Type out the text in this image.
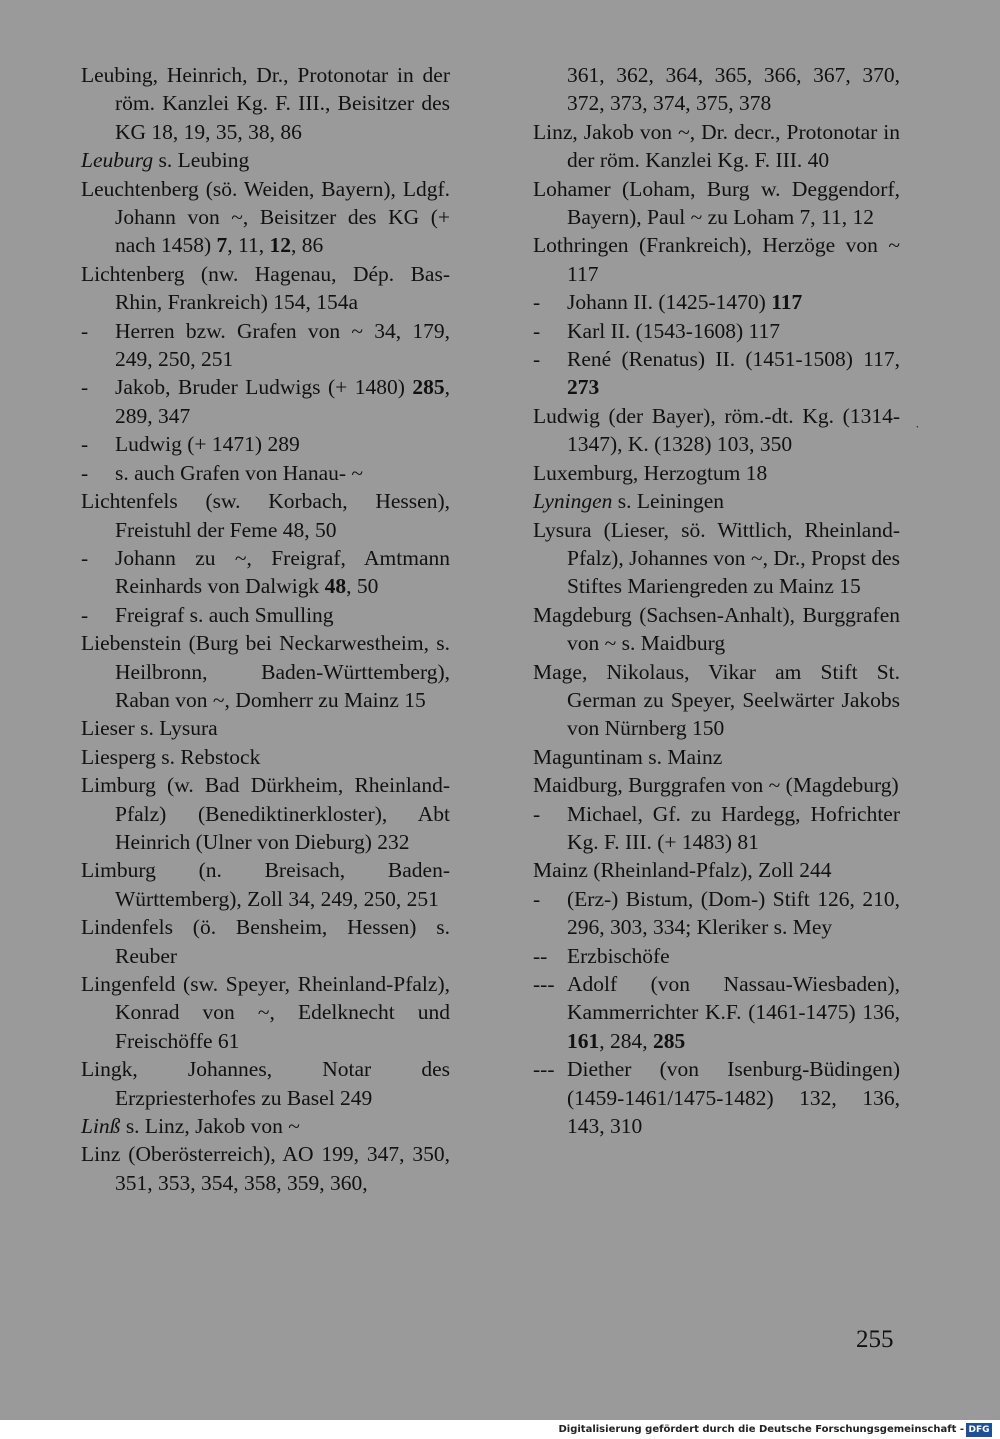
Leubing, Heinrich, Dr., Protonotar in der röm. Kanzlei Kg. F. III., Beisitzer des KG 18, 19, 35, 38, 86

Leuburg s. Leubing

Leuchtenberg (sö. Weiden, Bayern), Ldgf. Johann von ~, Beisitzer des KG (+ nach 1458) 7, 11, 12, 86

Lichtenberg (nw. Hagenau, Dép. Bas-Rhin, Frankreich) 154, 154a

-	Herren bzw. Grafen von ~ 34, 179, 249, 250, 251

-	Jakob, Bruder Ludwigs (+ 1480) 285, 289, 347

-	Ludwig (+ 1471) 289

-	s. auch Grafen von Hanau- ~

Lichtenfels (sw. Korbach, Hessen), Freistuhl der Feme 48, 50

-	Johann zu ~, Freigraf, Amtmann Reinhards von Dalwigk 48, 50

-	Freigraf s. auch Smulling

Liebenstein (Burg bei Neckarwestheim, s. Heilbronn, Baden-Württemberg), Raban von ~, Domherr zu Mainz 15

Lieser s. Lysura

Liesperg s. Rebstock

Limburg (w. Bad Dürkheim, Rheinland-Pfalz) (Benediktinerkloster), Abt Heinrich (Ulner von Dieburg) 232

Limburg (n. Breisach, Baden-Württemberg), Zoll 34, 249, 250, 251

Lindenfels (ö. Bensheim, Hessen) s. Reuber

Lingenfeld (sw. Speyer, Rheinland-Pfalz), Konrad von ~, Edelknecht und Freischöffe 61

Lingk, Johannes, Notar des Erzpriesterhofes zu Basel 249

Linß s. Linz, Jakob von ~

Linz (Oberösterreich), AO 199, 347, 350, 351, 353, 354, 358, 359, 360,

361, 362, 364, 365, 366, 367, 370, 372, 373, 374, 375, 378

Linz, Jakob von ~, Dr. decr., Protonotar in der röm. Kanzlei Kg. F. III. 40

Lohamer (Loham, Burg w. Deggendorf, Bayern), Paul ~ zu Loham 7, 11, 12

Lothringen (Frankreich), Herzöge von ~ 117

-	Johann II. (1425-1470) 117

-	Karl II. (1543-1608) 117

-	René (Renatus) II. (1451-1508) 117, 273

Ludwig (der Bayer), röm.-dt. Kg. (1314-1347), K. (1328) 103, 350

Luxemburg, Herzogtum 18

Lyningen s. Leiningen

Lysura (Lieser, sö. Wittlich, Rheinland-Pfalz), Johannes von ~, Dr., Propst des Stiftes Mariengreden zu Mainz 15

Magdeburg (Sachsen-Anhalt), Burggrafen von ~ s. Maidburg

Mage, Nikolaus, Vikar am Stift St. German zu Speyer, Seelwärter Jakobs von Nürnberg 150

Maguntinam s. Mainz

Maidburg, Burggrafen von ~ (Magdeburg)

-	Michael, Gf. zu Hardegg, Hofrichter Kg. F. III. (+ 1483) 81

Mainz (Rheinland-Pfalz), Zoll 244

-	(Erz-) Bistum, (Dom-) Stift 126, 210, 296, 303, 334; Kleriker s. Mey

-- Erzbischöfe

--- Adolf (von Nassau-Wiesbaden), Kammerrichter K.F. (1461-1475) 136, 161, 284, 285

--- Diether (von Isenburg-Büdingen) (1459-1461/1475-1482) 132, 136, 143, 310

˙
255
Digitalisierung gefördert durch die Deutsche Forschungsgemeinschaft - DFG
